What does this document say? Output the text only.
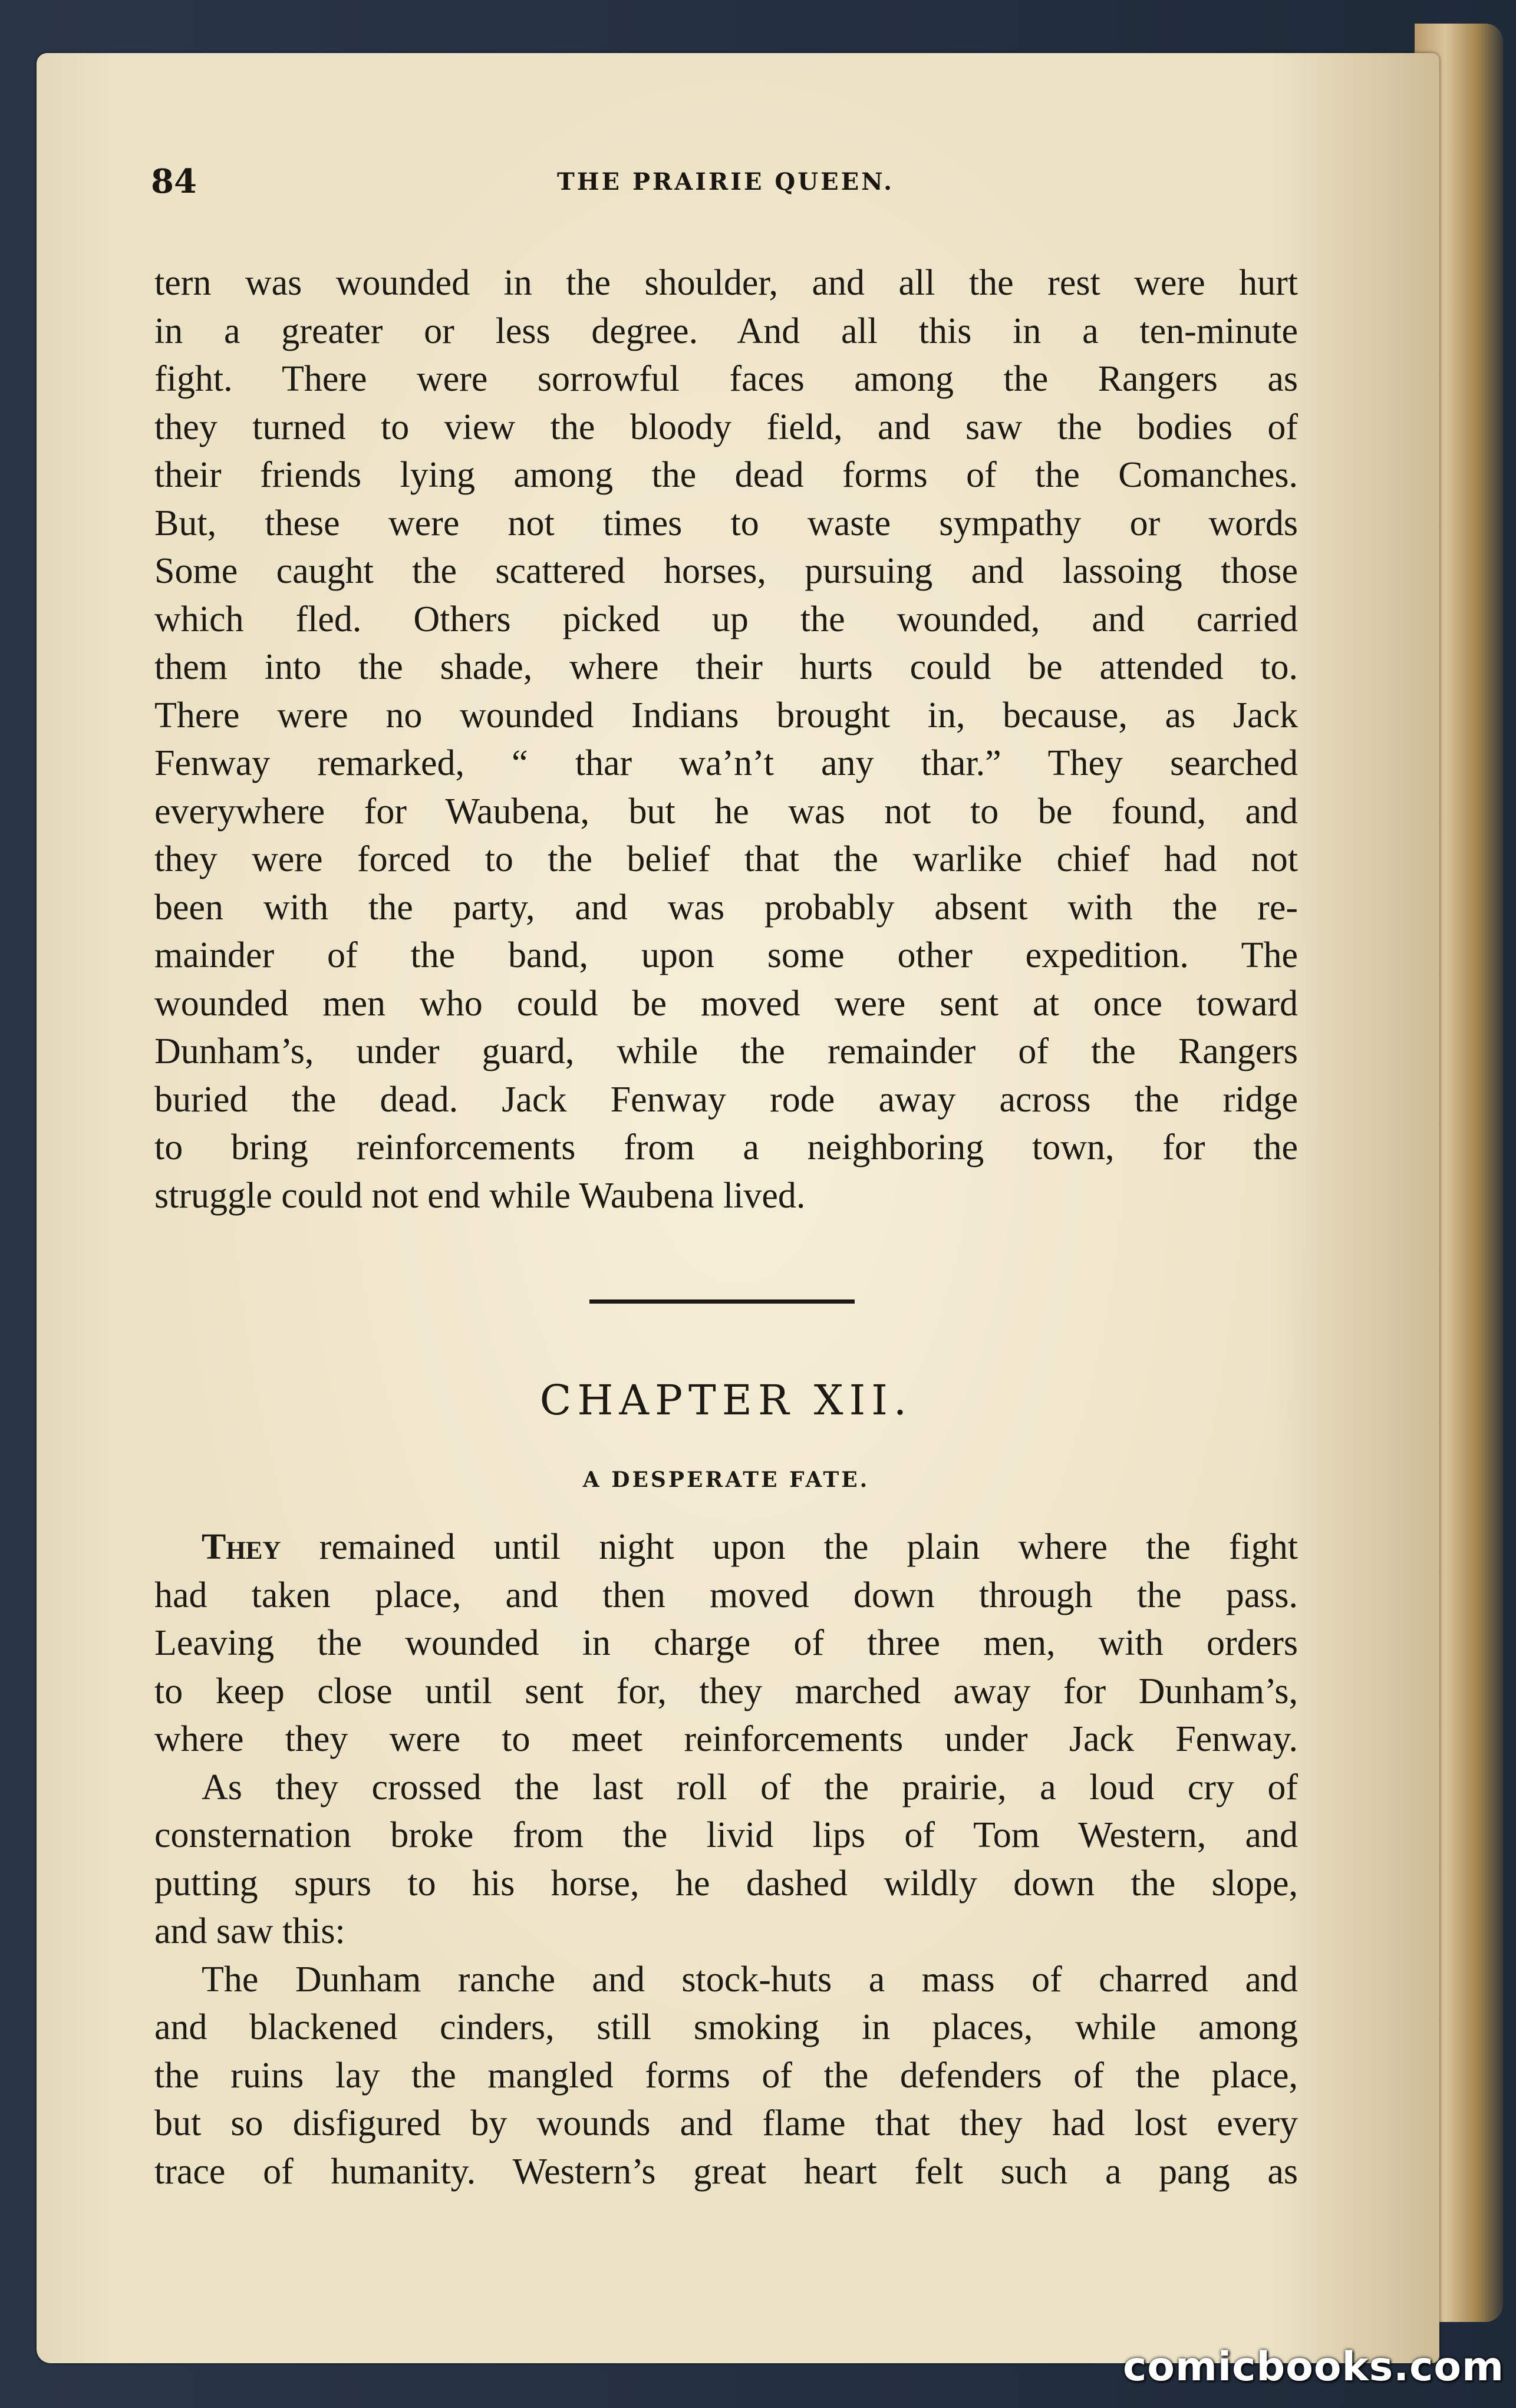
84	THE PRAIRIE QUEEN.
tern was wounded in the shoulder, and all the rest were hurt
in a greater or less degree. And all this in a ten-minute
fight. There were sorrowful faces among the Rangers as
they turned to view the bloody field, and saw the bodies of
their friends lying among the dead forms of the Comanches.
But, these were not times to waste sympathy or words
Some caught the scattered horses, pursuing and lassoing those
which fled. Others picked up the wounded, and carried
them into the shade, where their hurts could be attended to.
There were no wounded Indians brought in, because, as Jack
Fenway remarked, “ thar wa’n’t any thar.” They searched
everywhere for Waubena, but he was not to be found, and
they were forced to the belief that the warlike chief had not
been with the party, and was probably absent with the re-
mainder of the band, upon some other expedition. The
wounded men who could be moved were sent at once toward
Dunham’s, under guard, while the remainder of the Rangers
buried the dead. Jack Fenway rode away across the ridge
to bring reinforcements from a neighboring town, for the
struggle could not end while Waubena lived.
CHAPTER XII.
A DESPERATE FATE.
They remained until night upon the plain where the fight
had taken place, and then moved down through the pass.
Leaving the wounded in charge of three men, with orders
to keep close until sent for, they marched away for Dunham’s,
where they were to meet reinforcements under Jack Fenway.
As they crossed the last roll of the prairie, a loud cry of
consternation broke from the livid lips of Tom Western, and
putting spurs to his horse, he dashed wildly down the slope,
and saw this:
The Dunham ranche and stock-huts a mass of charred and
and blackened cinders, still smoking in places, while among
the ruins lay the mangled forms of the defenders of the place,
but so disfigured by wounds and flame that they had lost every
trace of humanity. Western’s great heart felt such a pang as
comicbooks.com
